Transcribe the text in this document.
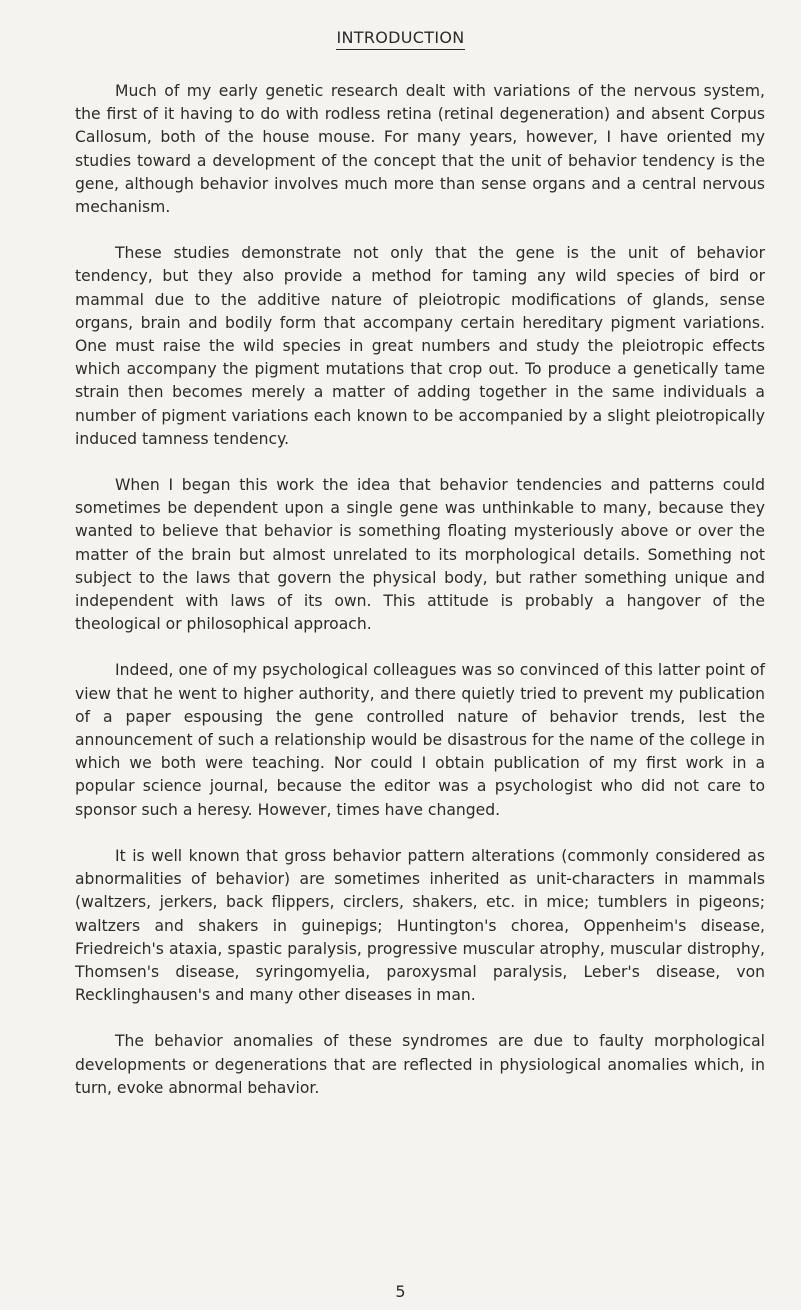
INTRODUCTION

Much of my early genetic research dealt with variations of the nervous system, the first of it having to do with rodless retina (retinal degeneration) and absent Corpus Callosum, both of the house mouse. For many years, however, I have oriented my studies toward a development of the concept that the unit of behavior tendency is the gene, although behavior involves much more than sense organs and a central nervous mechanism.

These studies demonstrate not only that the gene is the unit of behavior tendency, but they also provide a method for taming any wild species of bird or mammal due to the additive nature of pleiotropic modifications of glands, sense organs, brain and bodily form that accompany certain hereditary pigment variations. One must raise the wild species in great numbers and study the pleiotropic effects which accompany the pigment mutations that crop out. To produce a genetically tame strain then becomes merely a matter of adding together in the same individuals a number of pigment variations each known to be accompanied by a slight pleiotropically induced tamness tendency.

When I began this work the idea that behavior tendencies and patterns could sometimes be dependent upon a single gene was unthinkable to many, because they wanted to believe that behavior is something floating mysteriously above or over the matter of the brain but almost unrelated to its morphological details. Something not subject to the laws that govern the physical body, but rather something unique and independent with laws of its own. This attitude is probably a hangover of the theological or philosophical approach.

Indeed, one of my psychological colleagues was so convinced of this latter point of view that he went to higher authority, and there quietly tried to prevent my publication of a paper espousing the gene controlled nature of behavior trends, lest the announcement of such a relationship would be disastrous for the name of the college in which we both were teaching. Nor could I obtain publication of my first work in a popular science journal, because the editor was a psychologist who did not care to sponsor such a heresy. However, times have changed.

It is well known that gross behavior pattern alterations (commonly considered as abnormalities of behavior) are sometimes inherited as unit-characters in mammals (waltzers, jerkers, back flippers, circlers, shakers, etc. in mice; tumblers in pigeons; waltzers and shakers in guinepigs; Huntington's chorea, Oppenheim's disease, Friedreich's ataxia, spastic paralysis, progressive muscular atrophy, muscular distrophy, Thomsen's disease, syringomyelia, paroxysmal paralysis, Leber's disease, von Recklinghausen's and many other diseases in man.

The behavior anomalies of these syndromes are due to faulty morphological developments or degenerations that are reflected in physiological anomalies which, in turn, evoke abnormal behavior.

5
